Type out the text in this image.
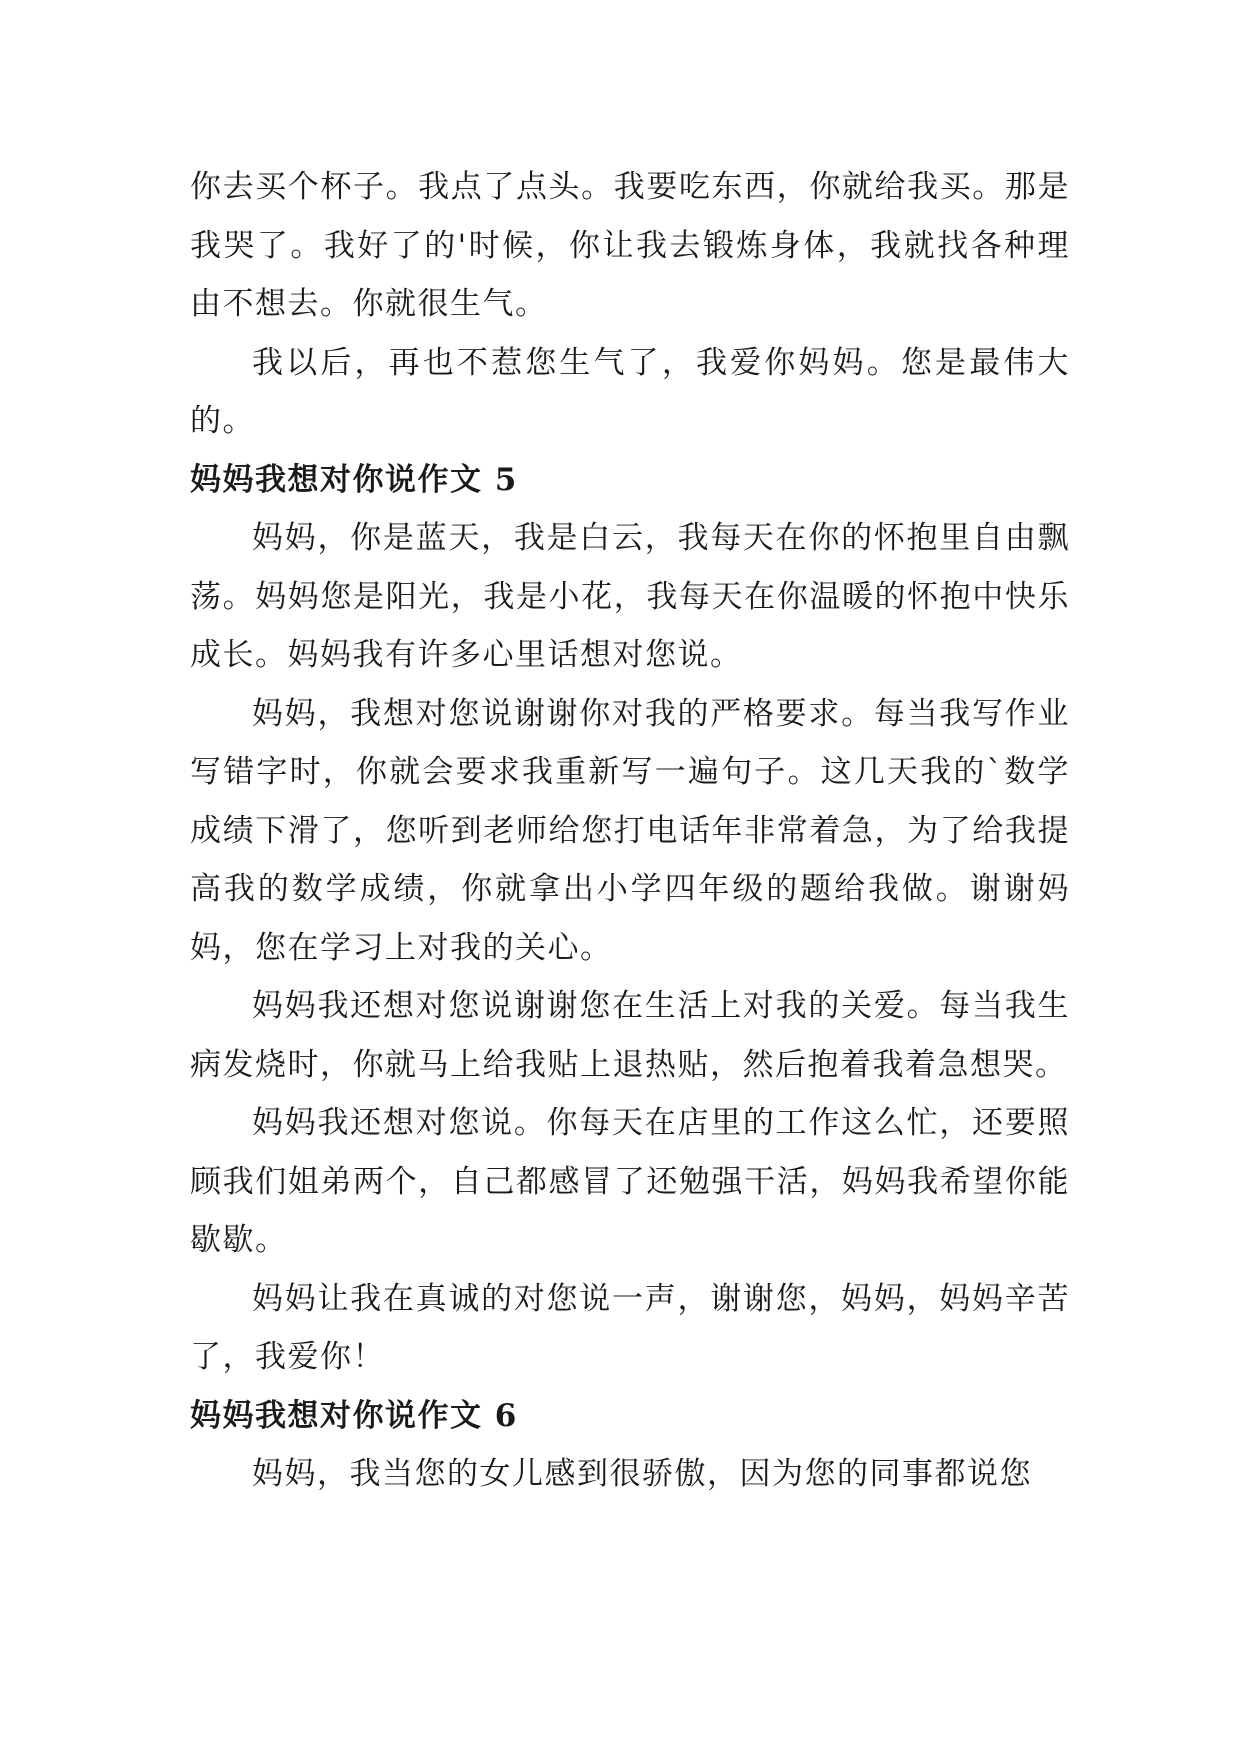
你去买个杯子。我点了点头。我要吃东西，你就给我买。那是我哭了。我好了的'时候，你让我去锻炼身体，我就找各种理由不想去。你就很生气。

我以后，再也不惹您生气了，我爱你妈妈。您是最伟大的。

妈妈我想对你说作文 5

妈妈，你是蓝天，我是白云，我每天在你的怀抱里自由飘荡。妈妈您是阳光，我是小花，我每天在你温暖的怀抱中快乐成长。妈妈我有许多心里话想对您说。

妈妈，我想对您说谢谢你对我的严格要求。每当我写作业写错字时，你就会要求我重新写一遍句子。这几天我的`数学成绩下滑了，您听到老师给您打电话年非常着急，为了给我提高我的数学成绩，你就拿出小学四年级的题给我做。谢谢妈妈，您在学习上对我的关心。

妈妈我还想对您说谢谢您在生活上对我的关爱。每当我生病发烧时，你就马上给我贴上退热贴，然后抱着我着急想哭。

妈妈我还想对您说。你每天在店里的工作这么忙，还要照顾我们姐弟两个，自己都感冒了还勉强干活，妈妈我希望你能歇歇。

妈妈让我在真诚的对您说一声，谢谢您，妈妈，妈妈辛苦了，我爱你！

妈妈我想对你说作文 6

妈妈，我当您的女儿感到很骄傲，因为您的同事都说您
